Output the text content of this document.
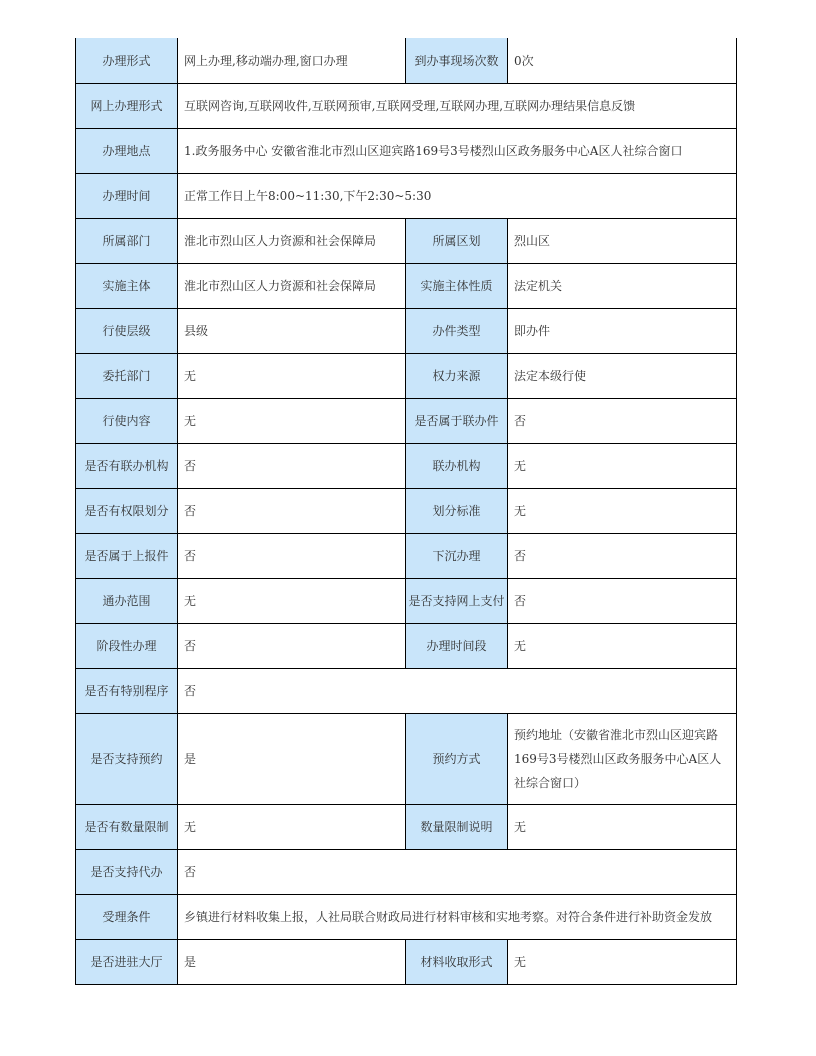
办理形式	网上办理,移动端办理,窗口办理	到办事现场次数	0次
网上办理形式	互联网咨询,互联网收件,互联网预审,互联网受理,互联网办理,互联网办理结果信息反馈		
办理地点	1.政务服务中心 安徽省淮北市烈山区迎宾路169号3号楼烈山区政务服务中心A区人社综合窗口		
办理时间	正常工作日上午8:00~11:30,下午2:30~5:30		
所属部门	淮北市烈山区人力资源和社会保障局	所属区划	烈山区
实施主体	淮北市烈山区人力资源和社会保障局	实施主体性质	法定机关
行使层级	县级	办件类型	即办件
委托部门	无	权力来源	法定本级行使
行使内容	无	是否属于联办件	否
是否有联办机构	否	联办机构	无
是否有权限划分	否	划分标准	无
是否属于上报件	否	下沉办理	否
通办范围	无	是否支持网上支付	否
阶段性办理	否	办理时间段	无
是否有特别程序	否		
是否支持预约	是	预约方式	预约地址（安徽省淮北市烈山区迎宾路169号3号楼烈山区政务服务中心A区人社综合窗口）
是否有数量限制	无	数量限制说明	无
是否支持代办	否		
受理条件	乡镇进行材料收集上报，人社局联合财政局进行材料审核和实地考察。对符合条件进行补助资金发放		
是否进驻大厅	是	材料收取形式	无
